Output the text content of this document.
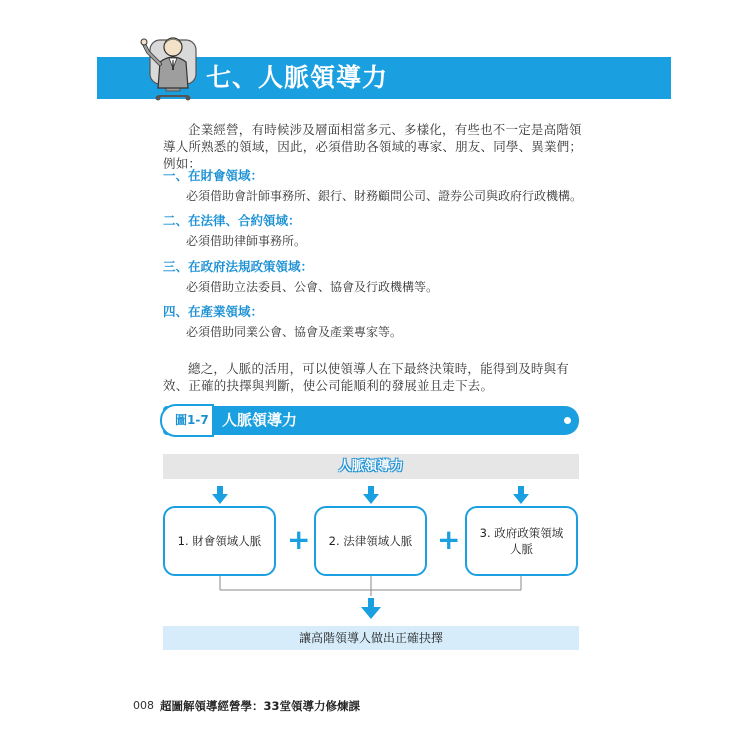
七、人脈領導力
企業經營，有時候涉及層面相當多元、多樣化，有些也不一定是高階領導人所熟悉的領域，因此，必須借助各領域的專家、朋友、同學、異業們；例如：
一、在財會領域：
必須借助會計師事務所、銀行、財務顧問公司、證券公司與政府行政機構。
二、在法律、合約領域：
必須借助律師事務所。
三、在政府法規政策領域：
必須借助立法委員、公會、協會及行政機構等。
四、在產業領域：
必須借助同業公會、協會及產業專家等。
總之，人脈的活用，可以使領導人在下最終決策時，能得到及時與有效、正確的抉擇與判斷，使公司能順利的發展並且走下去。
圖1-7 人脈領導力
人脈領導力
1. 財會領域人脈 +	2. 法律領域人脈 +	3. 政府政策領域人脈
讓高階領導人做出正確抉擇
008 超圖解領導經營學：33堂領導力修煉課
